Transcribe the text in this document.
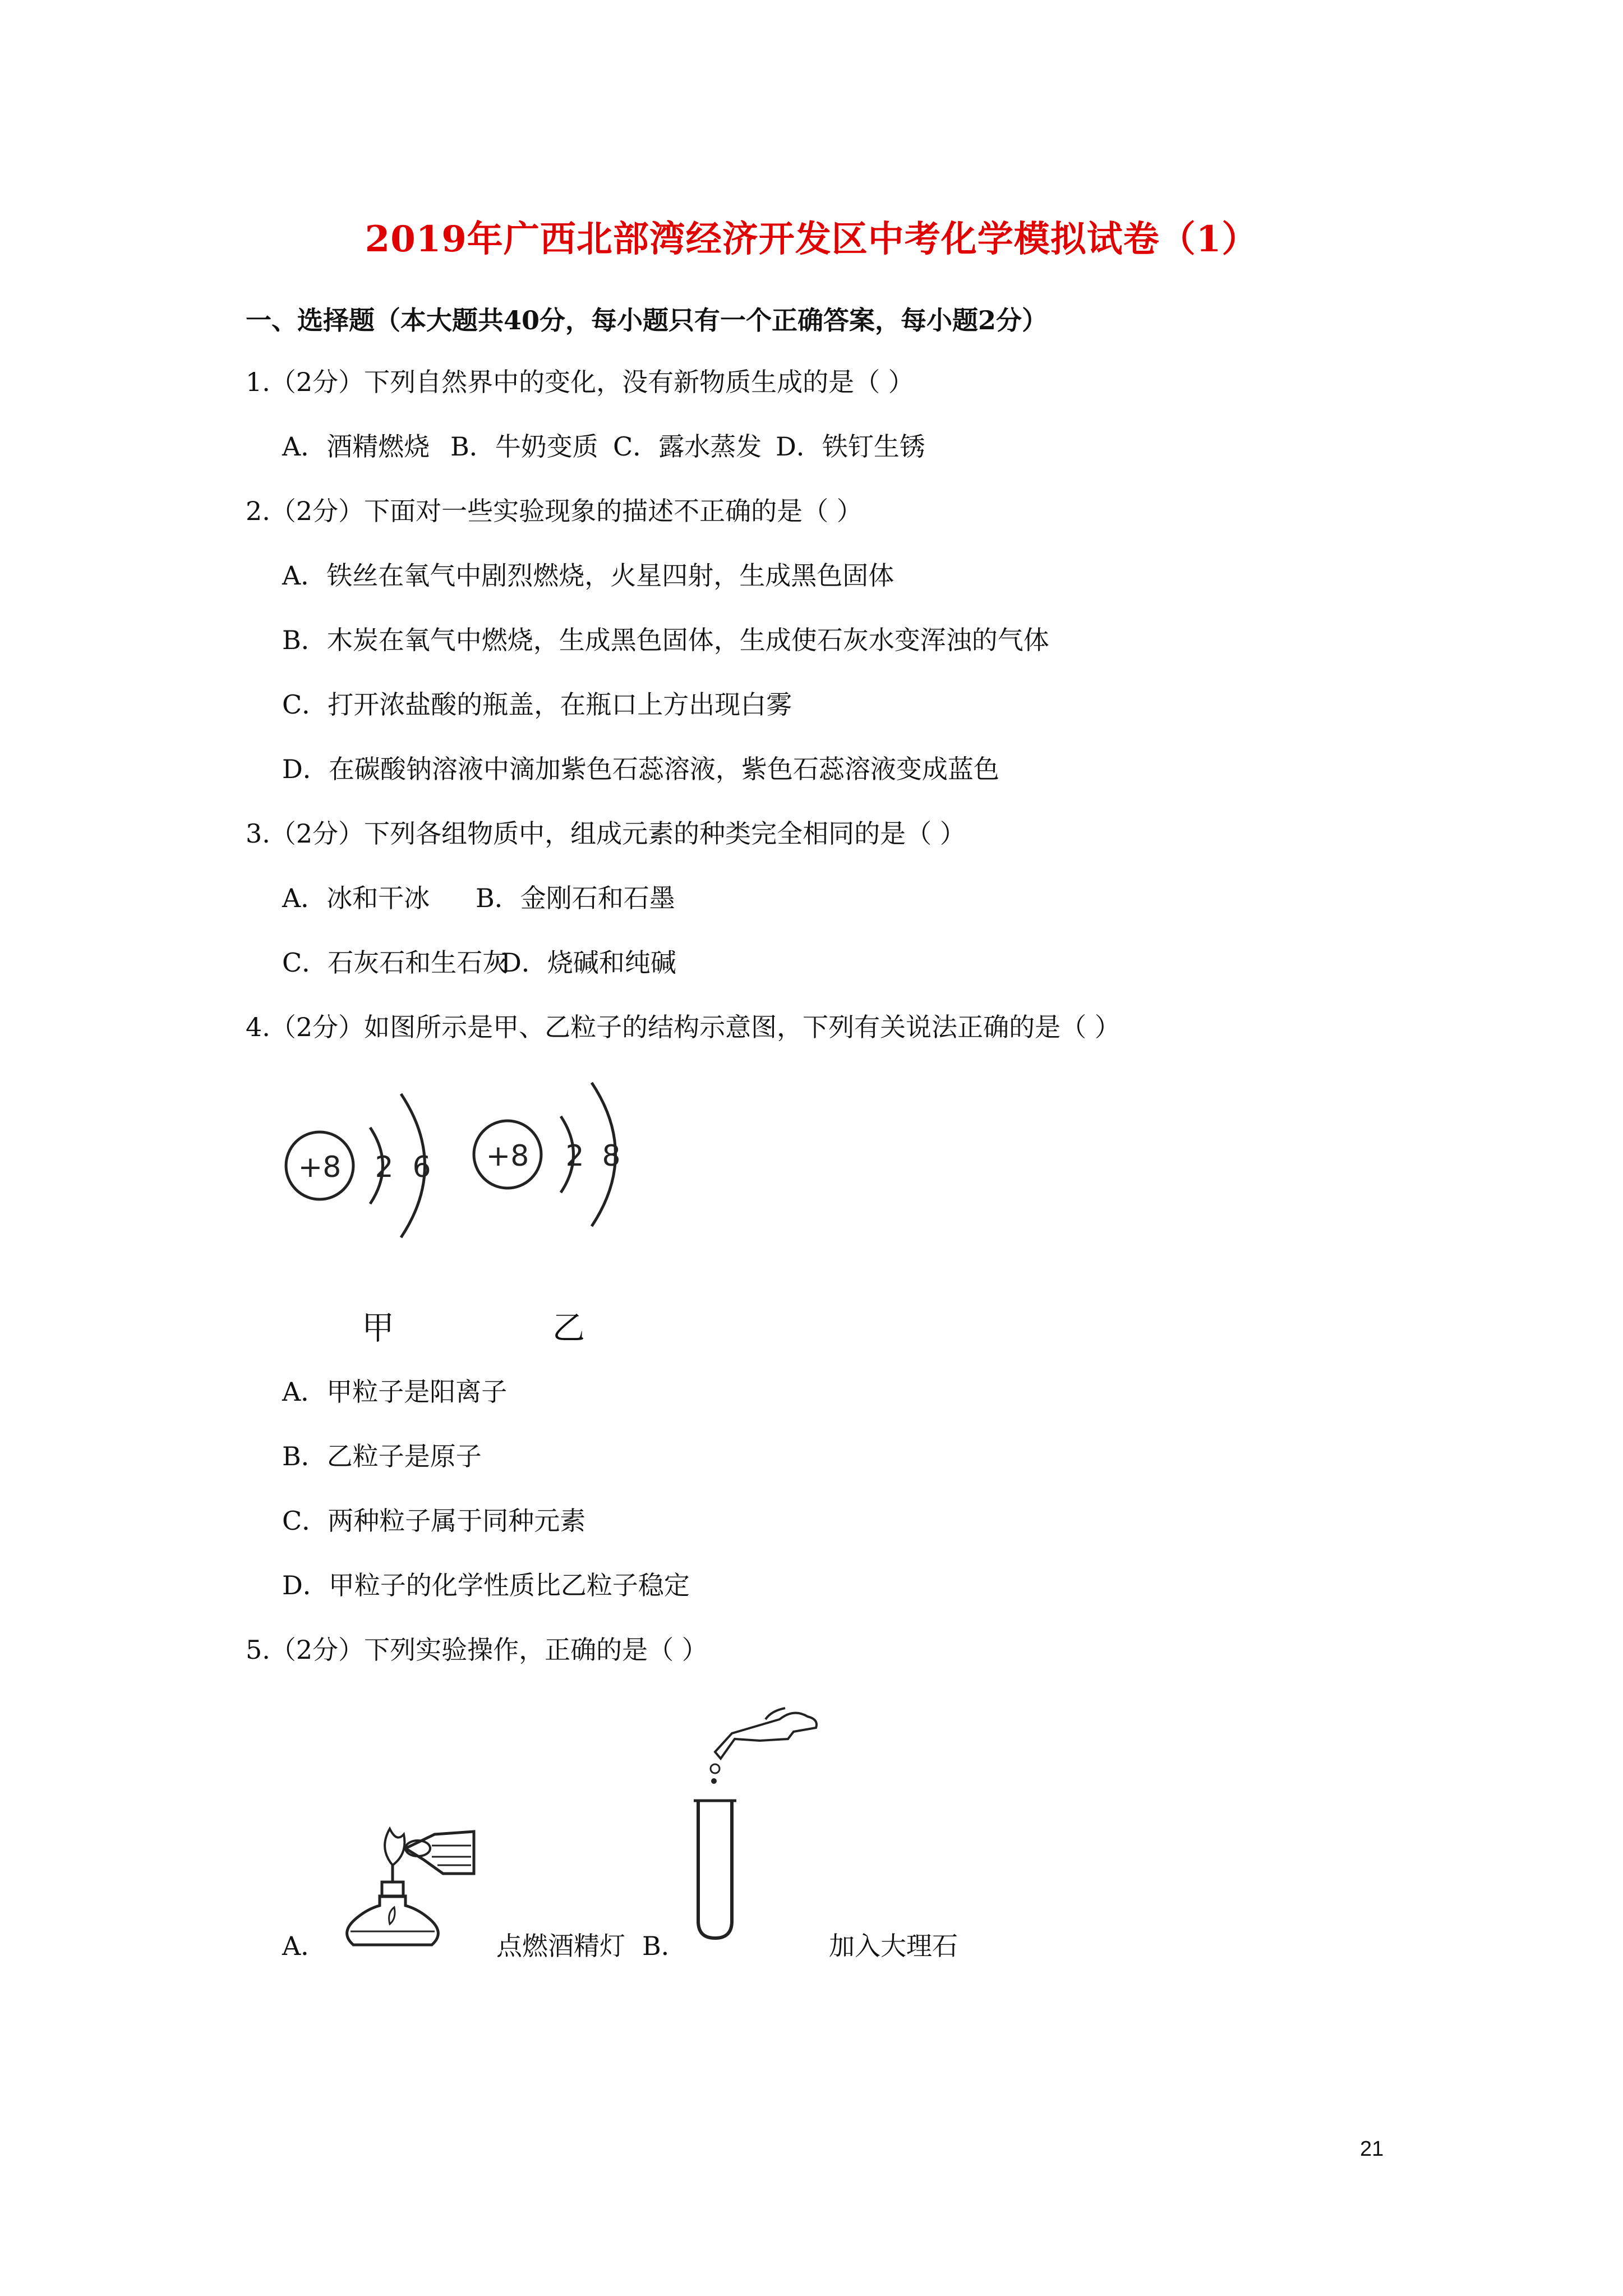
2019年广西北部湾经济开发区中考化学模拟试卷（1）
一、选择题（本大题共40分，每小题只有一个正确答案，每小题2分）
1.（2分）下列自然界中的变化，没有新物质生成的是（ ）
A．酒精燃烧 B．牛奶变质 C．露水蒸发 D．铁钉生锈
2.（2分）下面对一些实验现象的描述不正确的是（ ）
A．铁丝在氧气中剧烈燃烧，火星四射，生成黑色固体
B．木炭在氧气中燃烧，生成黑色固体，生成使石灰水变浑浊的气体
C．打开浓盐酸的瓶盖，在瓶口上方出现白雾
D．在碳酸钠溶液中滴加紫色石蕊溶液，紫色石蕊溶液变成蓝色
3.（2分）下列各组物质中，组成元素的种类完全相同的是（ ）
A．冰和干冰 B．金刚石和石墨
C．石灰石和生石灰D．烧碱和纯碱
4.（2分）如图所示是甲、乙粒子的结构示意图，下列有关说法正确的是（ ）
+8 2 6 +8 2 8
甲	乙
A．甲粒子是阳离子
B．乙粒子是原子
C．两种粒子属于同种元素
D．甲粒子的化学性质比乙粒子稳定
5.（2分）下列实验操作，正确的是（ ）
A．	点燃酒精灯 B．	加入大理石
21
